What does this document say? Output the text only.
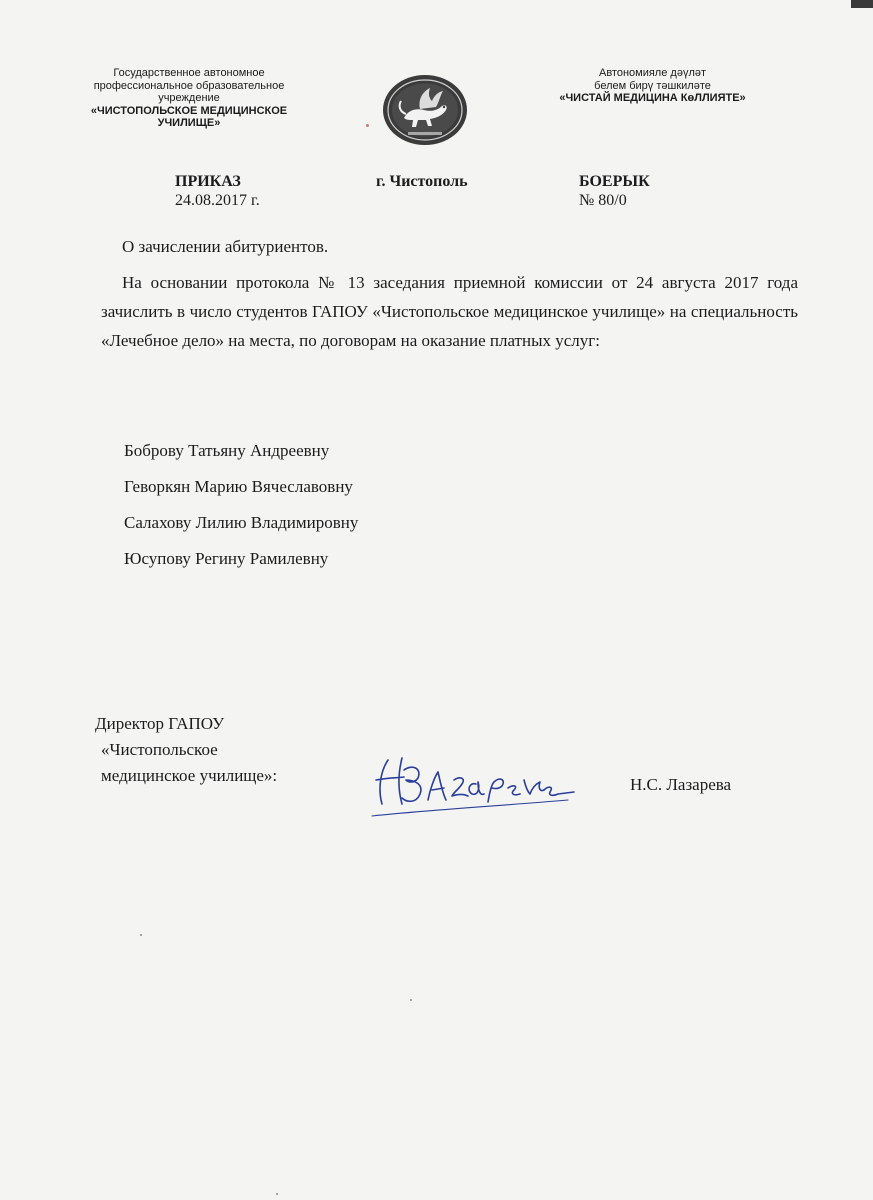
Государственное автономное
профессиональное образовательное
учреждение
«ЧИСТОПОЛЬСКОЕ МЕДИЦИНСКОЕ
УЧИЛИЩЕ»
Автономияле дәүләт
белем бирү тәшкиләте
«ЧИСТАЙ МЕДИЦИНА КөЛЛИЯТЕ»
ПРИКАЗ
24.08.2017 г.
г. Чистополь	БОЕРЫК
№ 80/0
О зачислении абитуриентов.

На основании протокола № 13 заседания приемной комиссии от 24 августа 2017 года зачислить в число студентов ГАПОУ «Чистопольское медицинское училище» на специальность «Лечебное дело» на места, по договорам на оказание платных услуг:

Боброву Татьяну Андреевну
Геворкян Марию Вячеславовну
Салахову Лилию Владимировну
Юсупову Регину Рамилевну
Директор ГАПОУ
«Чистопольское
медицинское училище»:	Н.С. Лазарева
